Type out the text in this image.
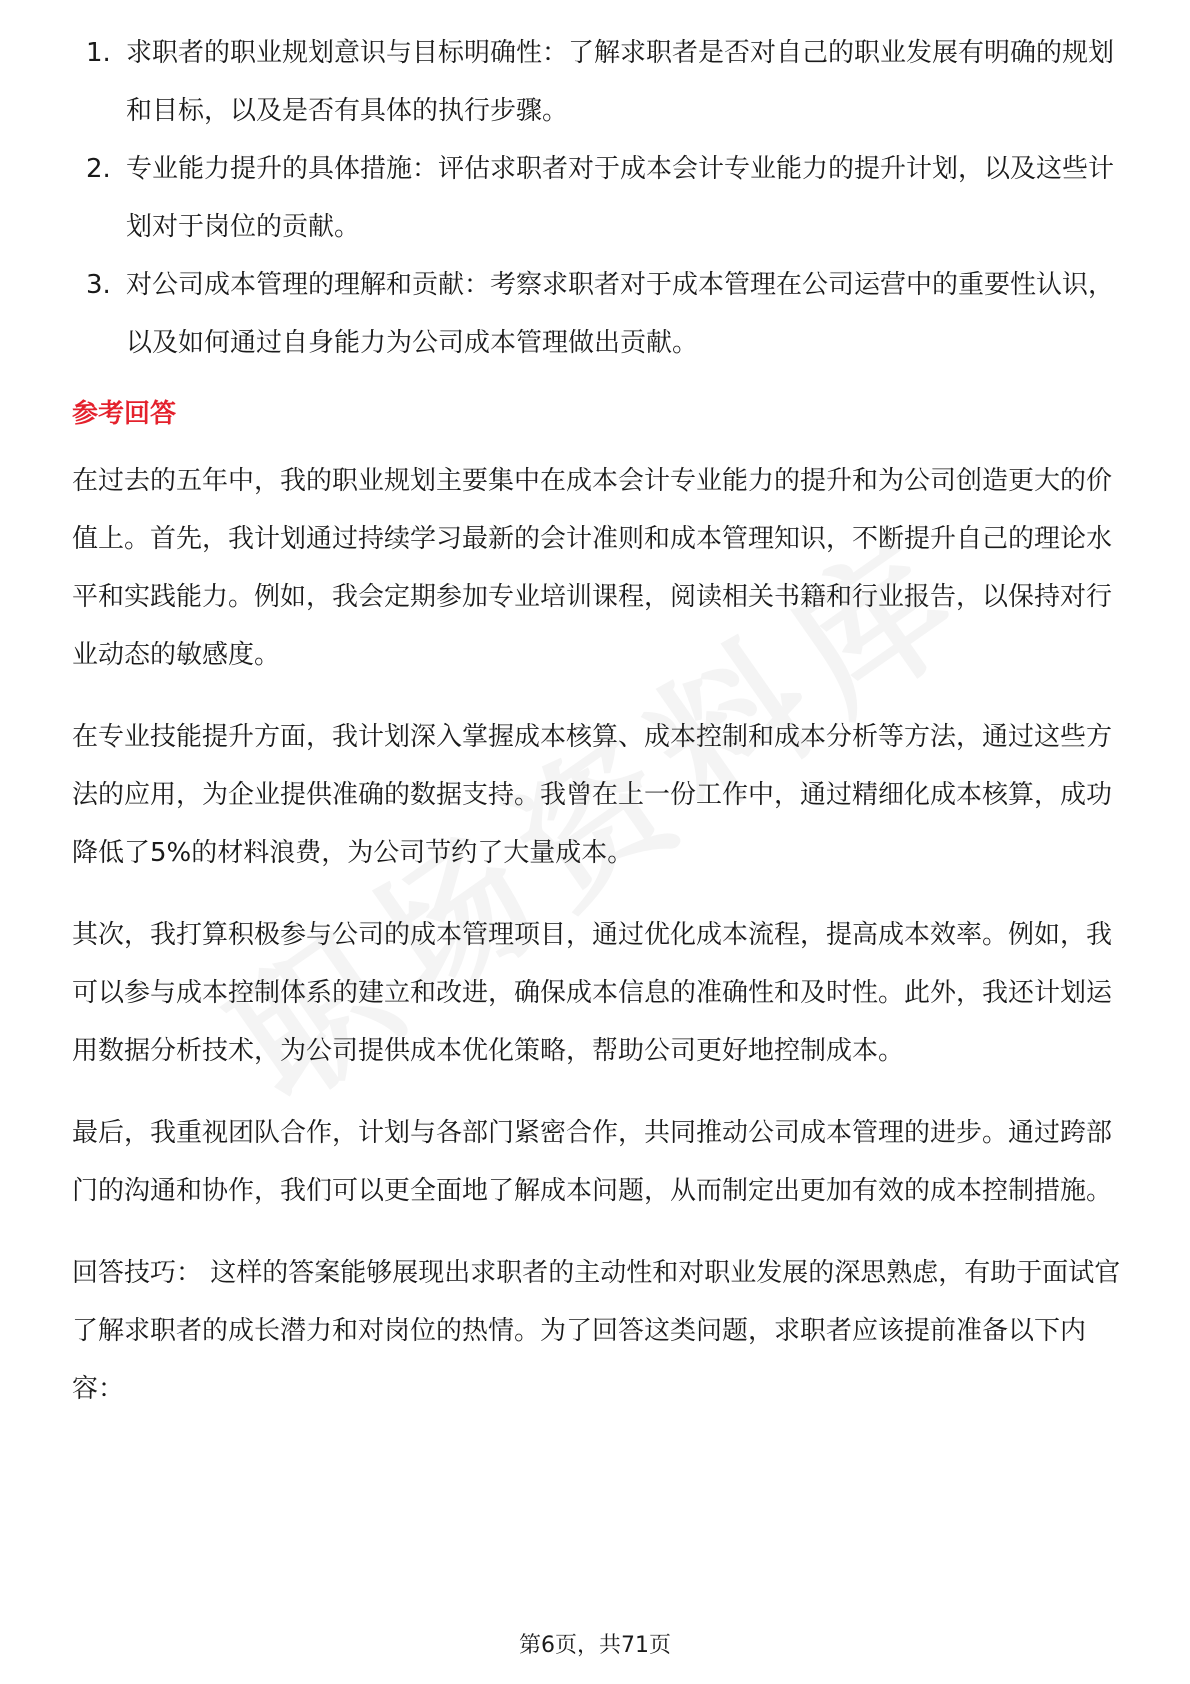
1. 求职者的职业规划意识与目标明确性：了解求职者是否对自己的职业发展有明确的规划和目标，以及是否有具体的执行步骤。
2. 专业能力提升的具体措施：评估求职者对于成本会计专业能力的提升计划，以及这些计划对于岗位的贡献。
3. 对公司成本管理的理解和贡献：考察求职者对于成本管理在公司运营中的重要性认识，以及如何通过自身能力为公司成本管理做出贡献。
参考回答

在过去的五年中，我的职业规划主要集中在成本会计专业能力的提升和为公司创造更大的价值上。首先，我计划通过持续学习最新的会计准则和成本管理知识，不断提升自己的理论水平和实践能力。例如，我会定期参加专业培训课程，阅读相关书籍和行业报告，以保持对行业动态的敏感度。

在专业技能提升方面，我计划深入掌握成本核算、成本控制和成本分析等方法，通过这些方法的应用，为企业提供准确的数据支持。我曾在上一份工作中，通过精细化成本核算，成功降低了5%的材料浪费，为公司节约了大量成本。

其次，我打算积极参与公司的成本管理项目，通过优化成本流程，提高成本效率。例如，我可以参与成本控制体系的建立和改进，确保成本信息的准确性和及时性。此外，我还计划运用数据分析技术，为公司提供成本优化策略，帮助公司更好地控制成本。

最后，我重视团队合作，计划与各部门紧密合作，共同推动公司成本管理的进步。通过跨部门的沟通和协作，我们可以更全面地了解成本问题，从而制定出更加有效的成本控制措施。

回答技巧： 这样的答案能够展现出求职者的主动性和对职业发展的深思熟虑，有助于面试官了解求职者的成长潜力和对岗位的热情。为了回答这类问题，求职者应该提前准备以下内容：

第6页，共71页
